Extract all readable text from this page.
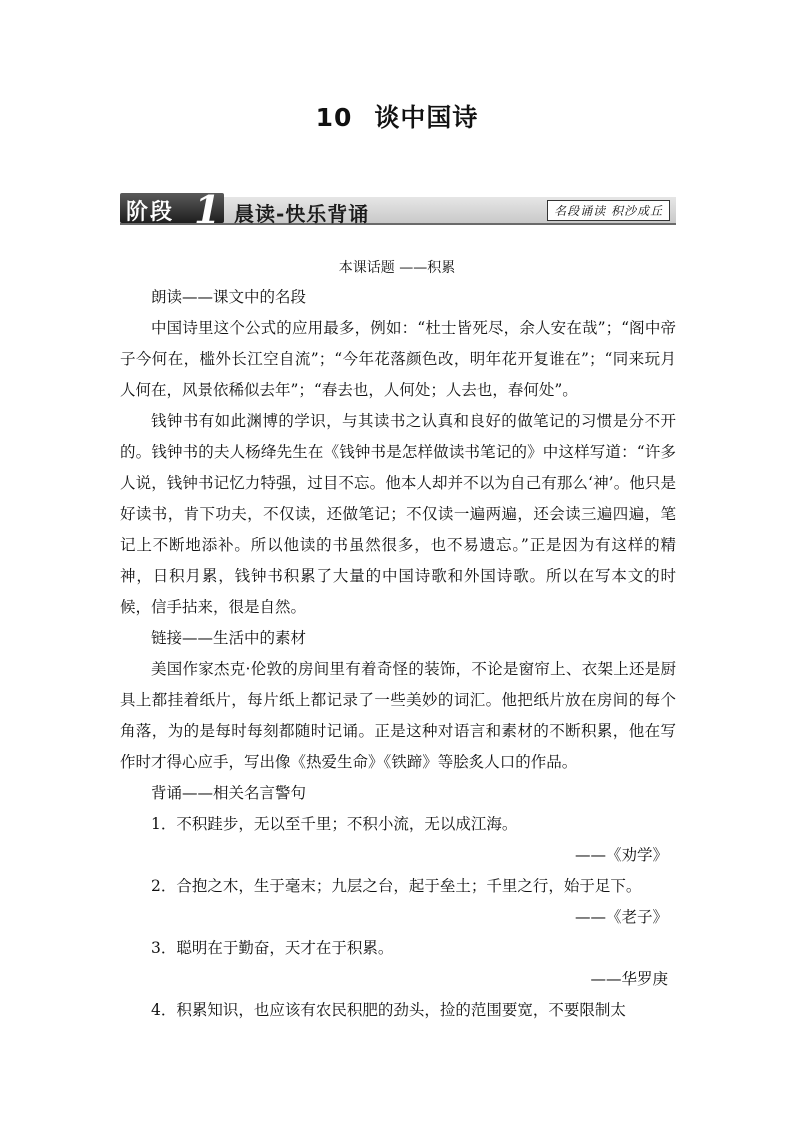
10 谈中国诗
阶段 1 晨读-快乐背诵	名段诵读 积沙成丘
本课话题 ——积累

朗读——课文中的名段

中国诗里这个公式的应用最多，例如：“杜士皆死尽，余人安在哉”；“阁中帝子今何在，槛外长江空自流”；“今年花落颜色改，明年花开复谁在”；“同来玩月人何在，风景依稀似去年”；“春去也，人何处；人去也，春何处”。

钱钟书有如此渊博的学识，与其读书之认真和良好的做笔记的习惯是分不开的。钱钟书的夫人杨绛先生在《钱钟书是怎样做读书笔记的》中这样写道：“许多人说，钱钟书记忆力特强，过目不忘。他本人却并不以为自己有那么‘神’。他只是好读书，肯下功夫，不仅读，还做笔记；不仅读一遍两遍，还会读三遍四遍，笔记上不断地添补。所以他读的书虽然很多，也不易遗忘。”正是因为有这样的精神，日积月累，钱钟书积累了大量的中国诗歌和外国诗歌。所以在写本文的时候，信手拈来，很是自然。

链接——生活中的素材

美国作家杰克·伦敦的房间里有着奇怪的装饰，不论是窗帘上、衣架上还是厨具上都挂着纸片，每片纸上都记录了一些美妙的词汇。他把纸片放在房间的每个角落，为的是每时每刻都随时记诵。正是这种对语言和素材的不断积累，他在写作时才得心应手，写出像《热爱生命》《铁蹄》等脍炙人口的作品。

背诵——相关名言警句

1．不积跬步，无以至千里；不积小流，无以成江海。

——《劝学》

2．合抱之木，生于毫末；九层之台，起于垒土；千里之行，始于足下。

——《老子》

3．聪明在于勤奋，天才在于积累。

——华罗庚

4．积累知识，也应该有农民积肥的劲头，捡的范围要宽，不要限制太
